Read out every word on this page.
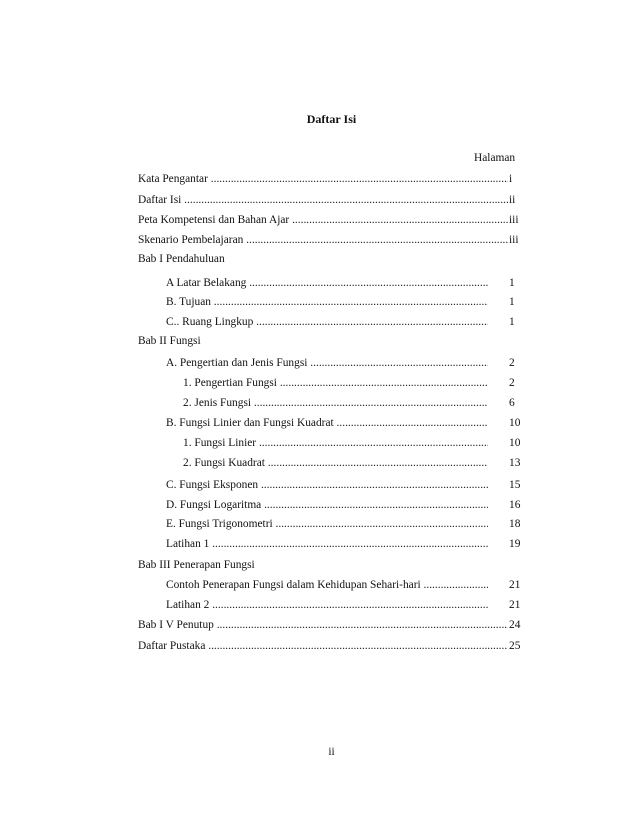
Daftar Isi
Halaman
Kata Pengantar .....	i
Daftar Isi .....	ii
Peta Kompetensi dan Bahan Ajar .....	iii
Skenario Pembelajaran .....	iii
Bab I Pendahuluan
A Latar Belakang .....	1
B. Tujuan .....	1
C.. Ruang Lingkup .....	1
Bab II Fungsi
A. Pengertian dan Jenis Fungsi .....	2
1. Pengertian Fungsi .....	2
2. Jenis Fungsi .....	6
B. Fungsi Linier dan Fungsi Kuadrat .....	10
1. Fungsi Linier .....	10
2. Fungsi Kuadrat .....	13
C. Fungsi Eksponen .....	15
D. Fungsi Logaritma .....	16
E. Fungsi Trigonometri .....	18
Latihan 1 .....	19
Bab III Penerapan Fungsi
Contoh Penerapan Fungsi dalam Kehidupan Sehari-hari .....	21
Latihan 2 .....	21
Bab I V Penutup .....	24
Daftar Pustaka .....	25
ii
